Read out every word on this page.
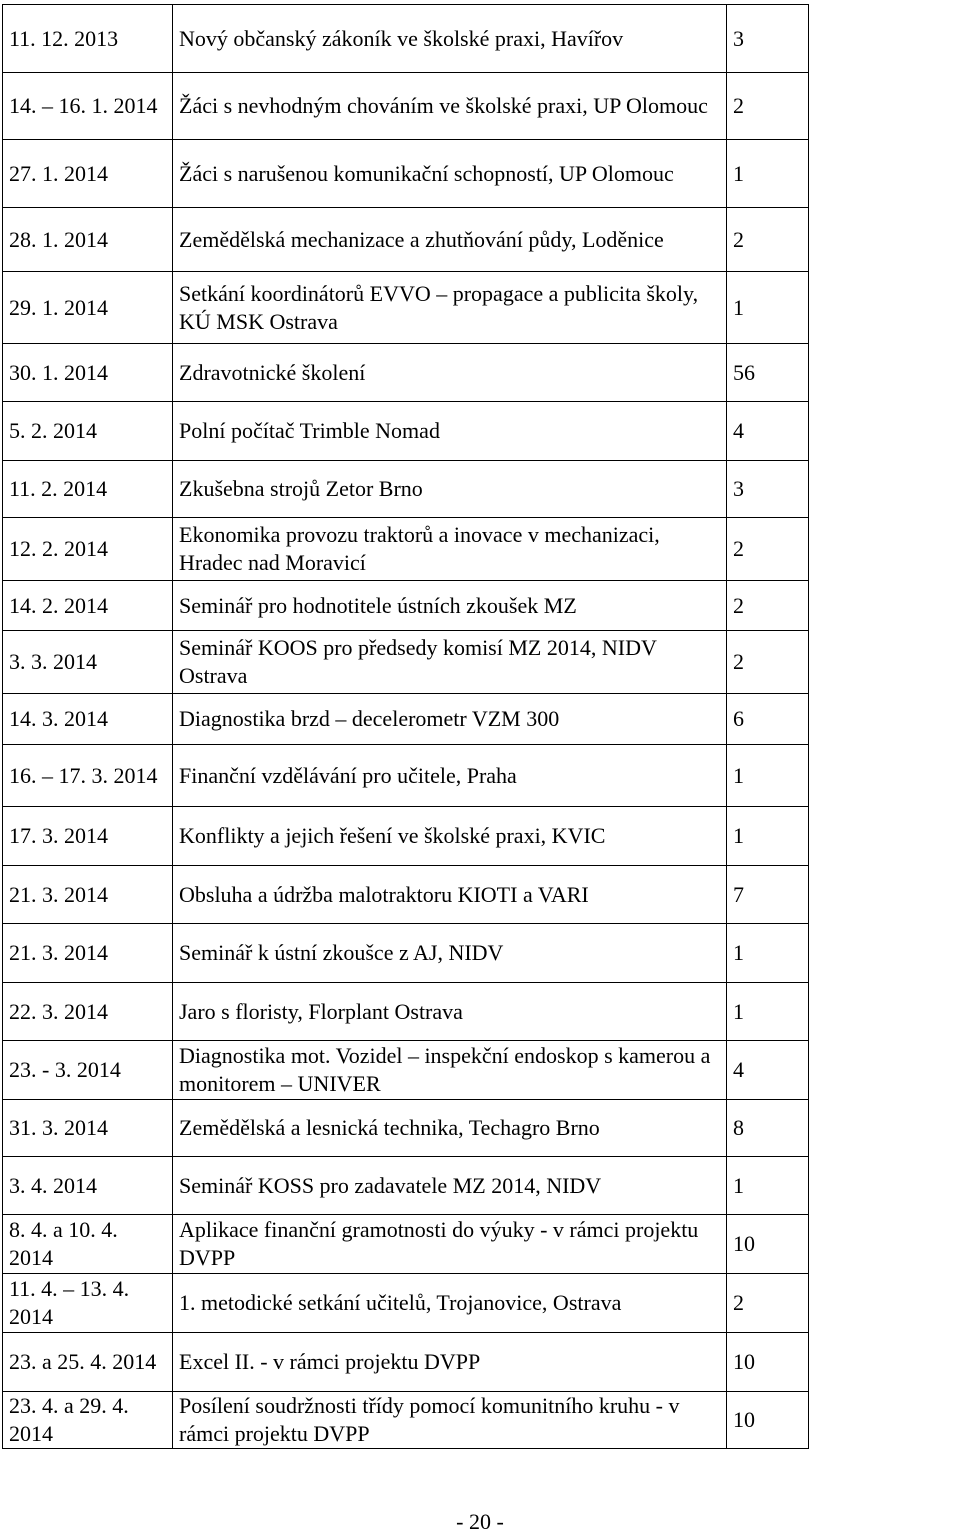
11. 12. 2013	Nový občanský zákoník ve školské praxi, Havířov	3
14. – 16. 1. 2014	Žáci s nevhodným chováním ve školské praxi, UP Olomouc	2
27. 1. 2014	Žáci s narušenou komunikační schopností, UP Olomouc	1
28. 1. 2014	Zemědělská mechanizace a zhutňování půdy, Loděnice	2
29. 1. 2014	Setkání koordinátorů EVVO – propagace a publicita školy, KÚ MSK Ostrava	1
30. 1. 2014	Zdravotnické školení	56
5. 2. 2014	Polní počítač Trimble Nomad	4
11. 2. 2014	Zkušebna strojů Zetor Brno	3
12. 2. 2014	Ekonomika provozu traktorů a inovace v mechanizaci, Hradec nad Moravicí	2
14. 2. 2014	Seminář pro hodnotitele ústních zkoušek MZ	2
3. 3. 2014	Seminář KOOS pro předsedy komisí MZ 2014, NIDV Ostrava	2
14. 3. 2014	Diagnostika brzd – decelerometr VZM 300	6
16. – 17. 3. 2014	Finanční vzdělávání pro učitele, Praha	1
17. 3. 2014	Konflikty a jejich řešení ve školské praxi, KVIC	1
21. 3. 2014	Obsluha a údržba malotraktoru KIOTI a VARI	7
21. 3. 2014	Seminář k ústní zkoušce z AJ, NIDV	1
22. 3. 2014	Jaro s floristy, Florplant Ostrava	1
23. - 3. 2014	Diagnostika mot. Vozidel – inspekční endoskop s kamerou a monitorem – UNIVER	4
31. 3. 2014	Zemědělská a lesnická technika, Techagro Brno	8
3. 4. 2014	Seminář KOSS pro zadavatele MZ 2014, NIDV	1
8. 4. a 10. 4. 2014	Aplikace finanční gramotnosti do výuky - v rámci projektu DVPP	10
11. 4. – 13. 4. 2014	1. metodické setkání učitelů, Trojanovice, Ostrava	2
23. a 25. 4. 2014	Excel II. - v rámci projektu DVPP	10
23. 4. a 29. 4. 2014	Posílení soudržnosti třídy pomocí komunitního kruhu - v rámci projektu DVPP	10
- 20 -
